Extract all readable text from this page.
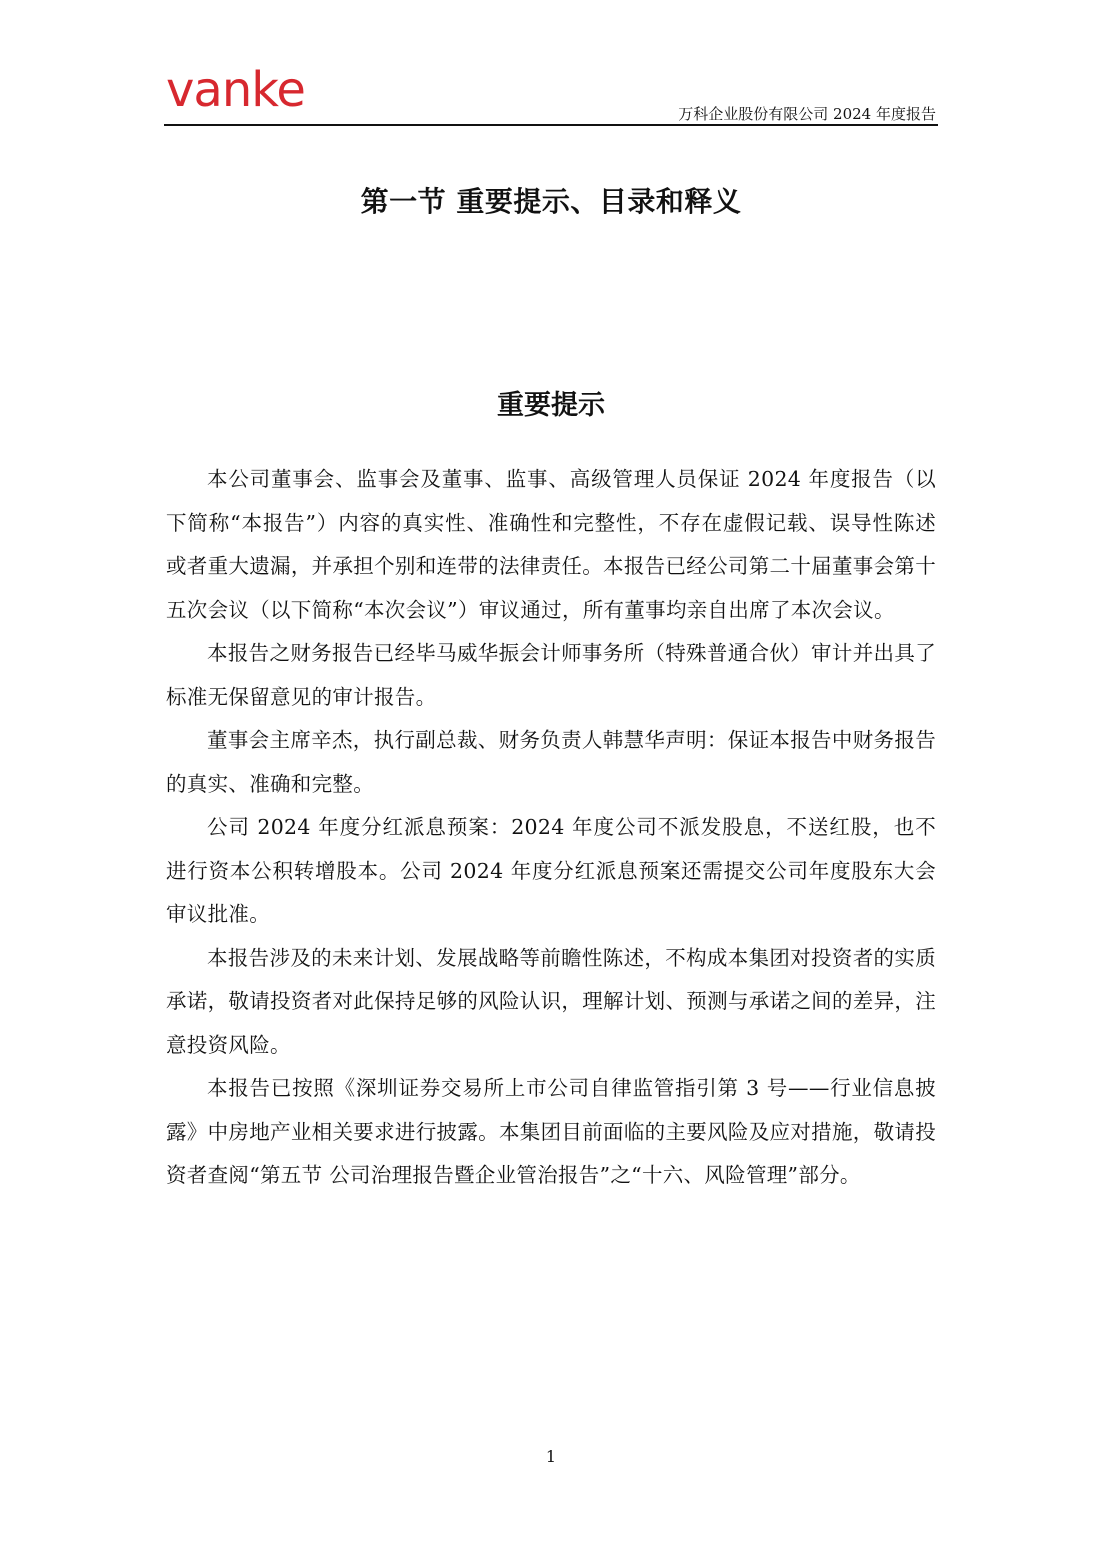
vanke	万科企业股份有限公司 2024 年度报告
第一节 重要提示、目录和释义
重要提示

本公司董事会、监事会及董事、监事、高级管理人员保证 2024 年度报告（以下简称“本报告”）内容的真实性、准确性和完整性，不存在虚假记载、误导性陈述或者重大遗漏，并承担个别和连带的法律责任。本报告已经公司第二十届董事会第十五次会议（以下简称“本次会议”）审议通过，所有董事均亲自出席了本次会议。

本报告之财务报告已经毕马威华振会计师事务所（特殊普通合伙）审计并出具了标准无保留意见的审计报告。

董事会主席辛杰，执行副总裁、财务负责人韩慧华声明：保证本报告中财务报告的真实、准确和完整。

公司 2024 年度分红派息预案：2024 年度公司不派发股息，不送红股，也不进行资本公积转增股本。公司 2024 年度分红派息预案还需提交公司年度股东大会审议批准。

本报告涉及的未来计划、发展战略等前瞻性陈述，不构成本集团对投资者的实质承诺，敬请投资者对此保持足够的风险认识，理解计划、预测与承诺之间的差异，注意投资风险。

本报告已按照《深圳证券交易所上市公司自律监管指引第 3 号——行业信息披露》中房地产业相关要求进行披露。本集团目前面临的主要风险及应对措施，敬请投资者查阅“第五节 公司治理报告暨企业管治报告”之“十六、风险管理”部分。

1
